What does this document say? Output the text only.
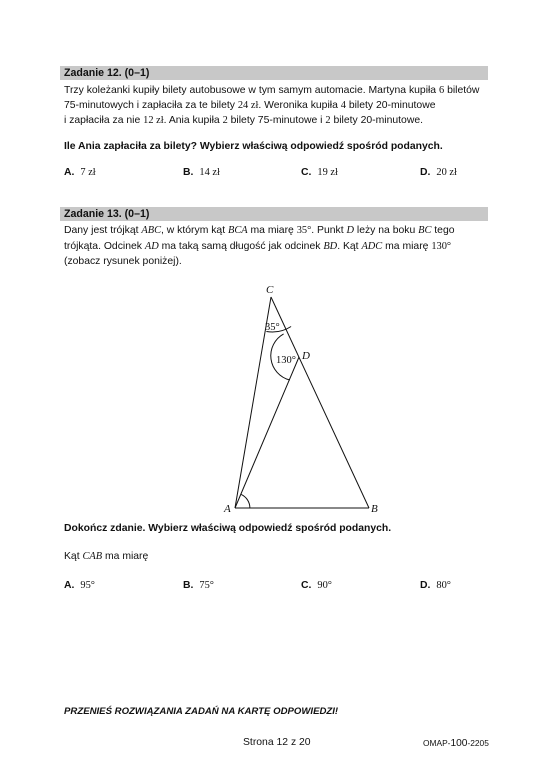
Zadanie 12. (0–1)
Trzy koleżanki kupiły bilety autobusowe w tym samym automacie. Martyna kupiła 6 biletów
75-minutowych i zapłaciła za te bilety 24 zł. Weronika kupiła 4 bilety 20-minutowe
i zapłaciła za nie 12 zł. Ania kupiła 2 bilety 75-minutowe i 2 bilety 20-minutowe.
Ile Ania zapłaciła za bilety? Wybierz właściwą odpowiedź spośród podanych.
A. 7 zł	B. 14 zł	C. 19 zł	D. 20 zł
Zadanie 13. (0–1)
Dany jest trójkąt ABC, w którym kąt BCA ma miarę 35°. Punkt D leży na boku BC tego
trójkąta. Odcinek AD ma taką samą długość jak odcinek BD. Kąt ADC ma miarę 130°
(zobacz rysunek poniżej).
C
D
A	B
35°
130°
Dokończ zdanie. Wybierz właściwą odpowiedź spośród podanych.
Kąt CAB ma miarę
A. 95°	B. 75°	C. 90°	D. 80°
PRZENIEŚ ROZWIĄZANIA ZADAŃ NA KARTĘ ODPOWIEDZI!
Strona 12 z 20	OMAP-100-2205
